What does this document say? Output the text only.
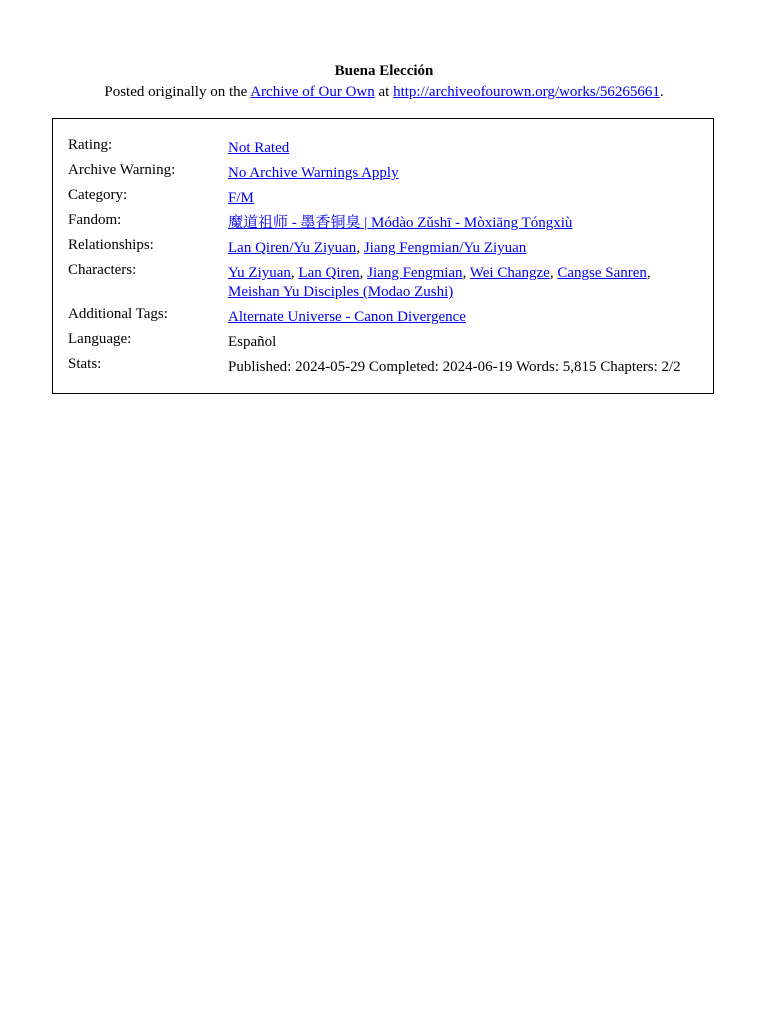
Buena Elección
Posted originally on the Archive of Our Own at http://archiveofourown.org/works/56265661.
Rating:	Not Rated
Archive Warning:	No Archive Warnings Apply
Category:	F/M
Fandom:	魔道祖师 - 墨香铜臭 | Módào Zǔshī - Mòxiāng Tóngxiù
Relationships:	Lan Qiren/Yu Ziyuan, Jiang Fengmian/Yu Ziyuan
Characters:	Yu Ziyuan, Lan Qiren, Jiang Fengmian, Wei Changze, Cangse Sanren, Meishan Yu Disciples (Modao Zushi)
Additional Tags:	Alternate Universe - Canon Divergence
Language:	Español
Stats:	Published: 2024-05-29 Completed: 2024-06-19 Words: 5,815 Chapters: 2/2
